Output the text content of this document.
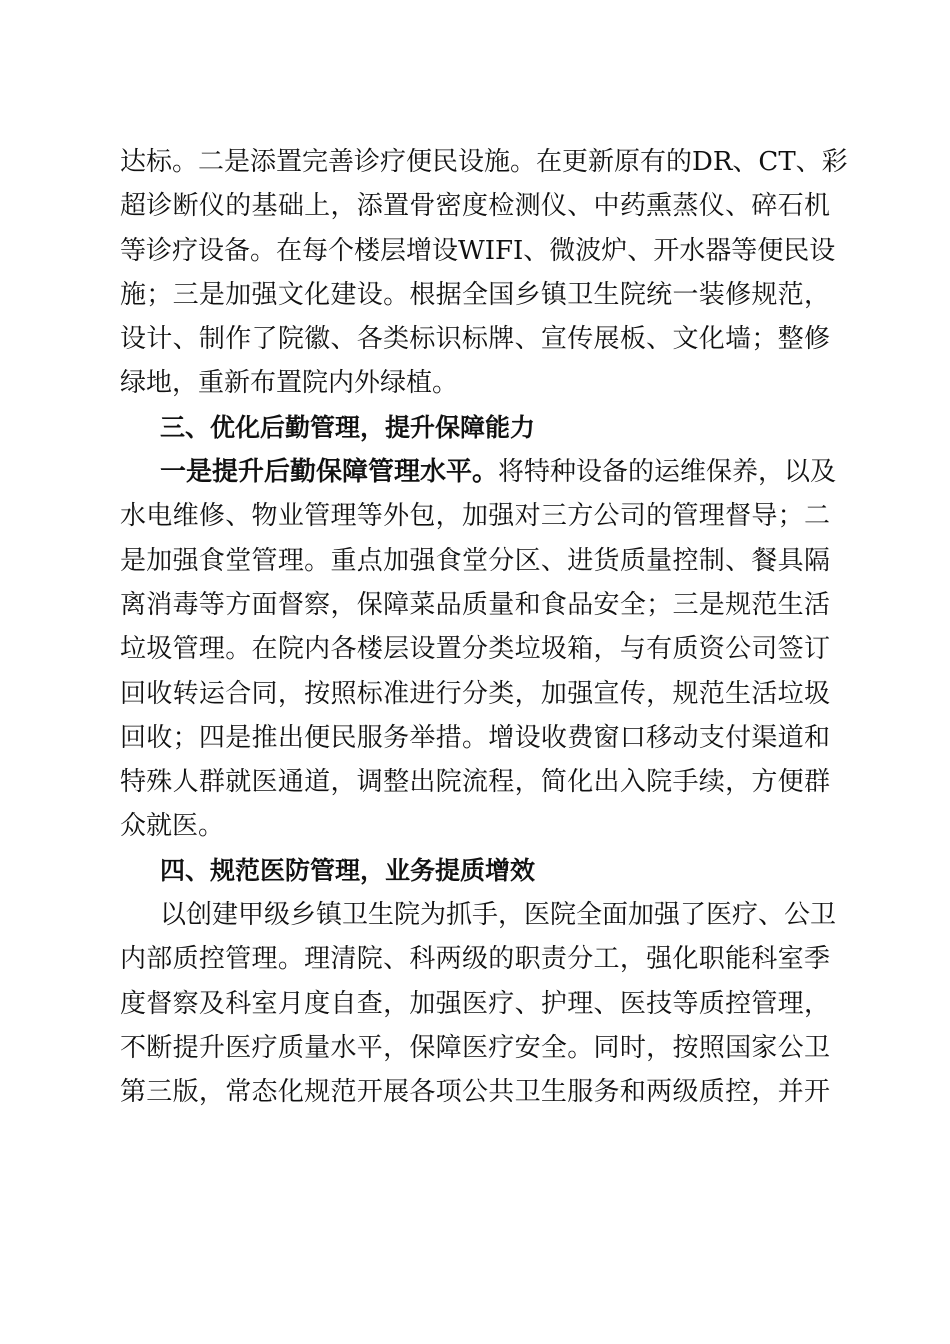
达标。二是添置完善诊疗便民设施。在更新原有的DR、CT、彩
超诊断仪的基础上，添置骨密度检测仪、中药熏蒸仪、碎石机
等诊疗设备。在每个楼层增设WIFI、微波炉、开水器等便民设
施；三是加强文化建设。根据全国乡镇卫生院统一装修规范，
设计、制作了院徽、各类标识标牌、宣传展板、文化墙；整修
绿地，重新布置院内外绿植。
三、优化后勤管理，提升保障能力
一是提升后勤保障管理水平。将特种设备的运维保养，以及
水电维修、物业管理等外包，加强对三方公司的管理督导；二
是加强食堂管理。重点加强食堂分区、进货质量控制、餐具隔
离消毒等方面督察，保障菜品质量和食品安全；三是规范生活
垃圾管理。在院内各楼层设置分类垃圾箱，与有质资公司签订
回收转运合同，按照标准进行分类，加强宣传，规范生活垃圾
回收；四是推出便民服务举措。增设收费窗口移动支付渠道和
特殊人群就医通道，调整出院流程，简化出入院手续，方便群
众就医。
四、规范医防管理，业务提质增效
以创建甲级乡镇卫生院为抓手，医院全面加强了医疗、公卫
内部质控管理。理清院、科两级的职责分工，强化职能科室季
度督察及科室月度自查，加强医疗、护理、医技等质控管理，
不断提升医疗质量水平，保障医疗安全。同时，按照国家公卫
第三版，常态化规范开展各项公共卫生服务和两级质控，并开
